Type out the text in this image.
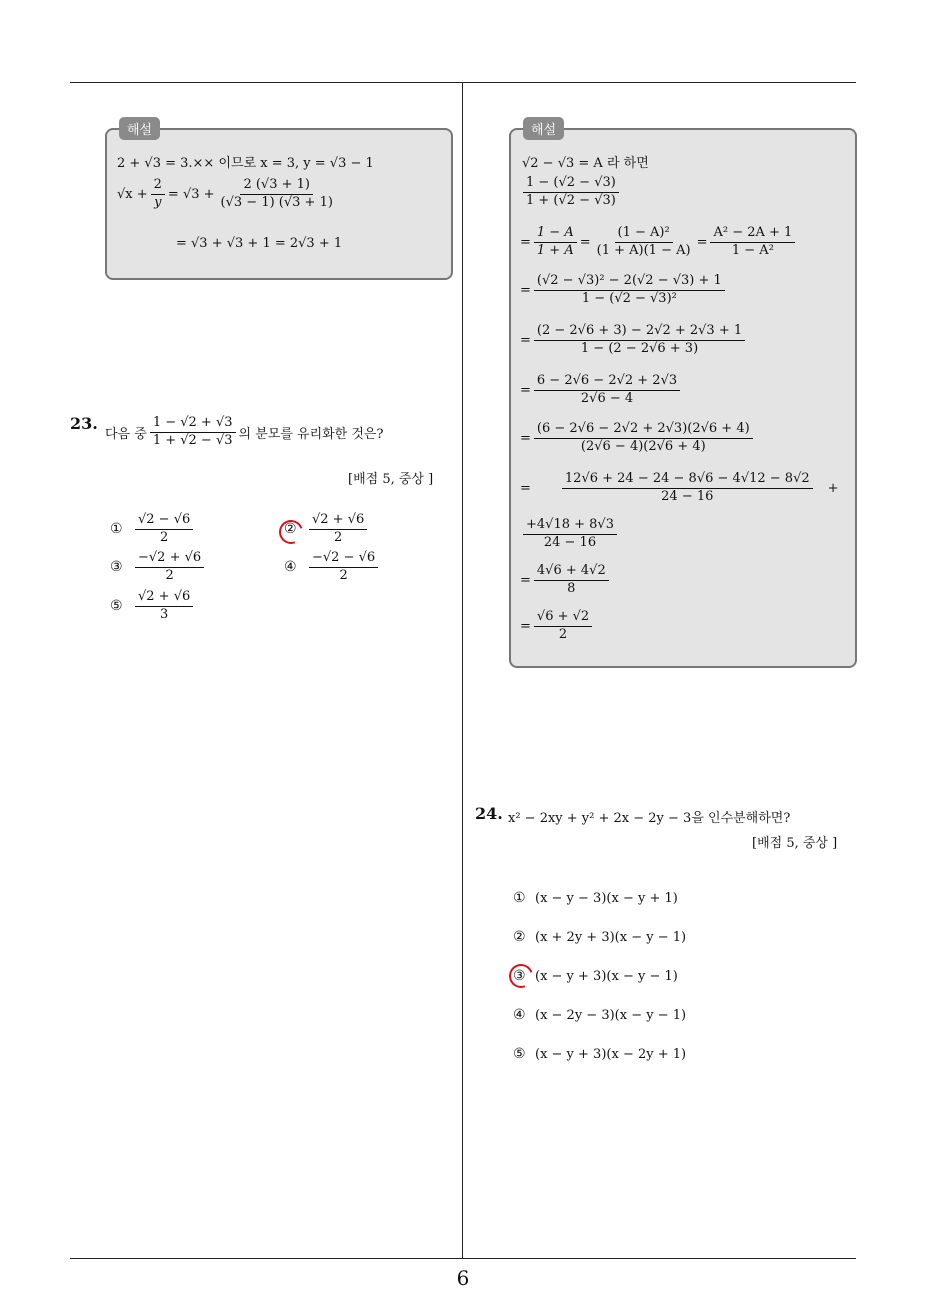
해설
2 + √3 = 3.×× 이므로 x = 3, y = √3 − 1
$√x + \frac{2}{y} = √3 + \frac{2 (√3 + 1)}{(√3 - 1) (√3 + 1)}$
= √3 + √3 + 1 = 2√3 + 1
23.
다음 중 $\frac{1 - √2 + √3}{1 + √2 - √3}$ 의 분모를 유리화한 것은?
[배점 5, 중상 ]
① $\frac{√2 - √6}{2}$	② $\frac{√2 + √6}{2}$
③ $\frac{-√2 + √6}{2}$	④ $\frac{-√2 - √6}{2}$
⑤ $\frac{√2 + √6}{3}$
해설
√2 − √3 = A 라 하면
$\frac{1 - (√2 - √3)}{1 + (√2 - √3)}$
= $\frac{1 - A}{1 + A} = \frac{\text{(1 − A)²}}{(1 + A)(1 - A)} = \frac{\text{A² − 2A + 1}}{\text{1 − A²}}$
= $\frac{\text{(√2 − √3)² − 2(√2 − √3) + 1}}{\text{1 − (√2 − √3)²}}$
= $\frac{(2 - 2√6 + 3) - 2√2 + 2√3 + 1}{1 - (2 - 2√6 + 3)}$
= $\frac{6 - 2√6 - 2√2 + 2√3}{2√6 - 4}$
= $\frac{(6 - 2√6 - 2√2 + 2√3)(2√6 + 4)}{(2√6 - 4)(2√6 + 4)}$
= $\frac{12√6 + 24 - 24 - 8√6 - 4√12 - 8√2}{24 - 16}$ +
$\frac{+4√18 + 8√3}{24 - 16}$
= $\frac{4√6 + 4√2}{8}$
= $\frac{√6 + √2}{2}$
24. x² − 2xy + y² + 2x − 2y − 3을 인수분해하면?
[배점 5, 중상 ]
① (x − y − 3)(x − y + 1)
② (x + 2y + 3)(x − y − 1)
③ (x − y + 3)(x − y − 1)
④ (x − 2y − 3)(x − y − 1)
⑤ (x − y + 3)(x − 2y + 1)
6
